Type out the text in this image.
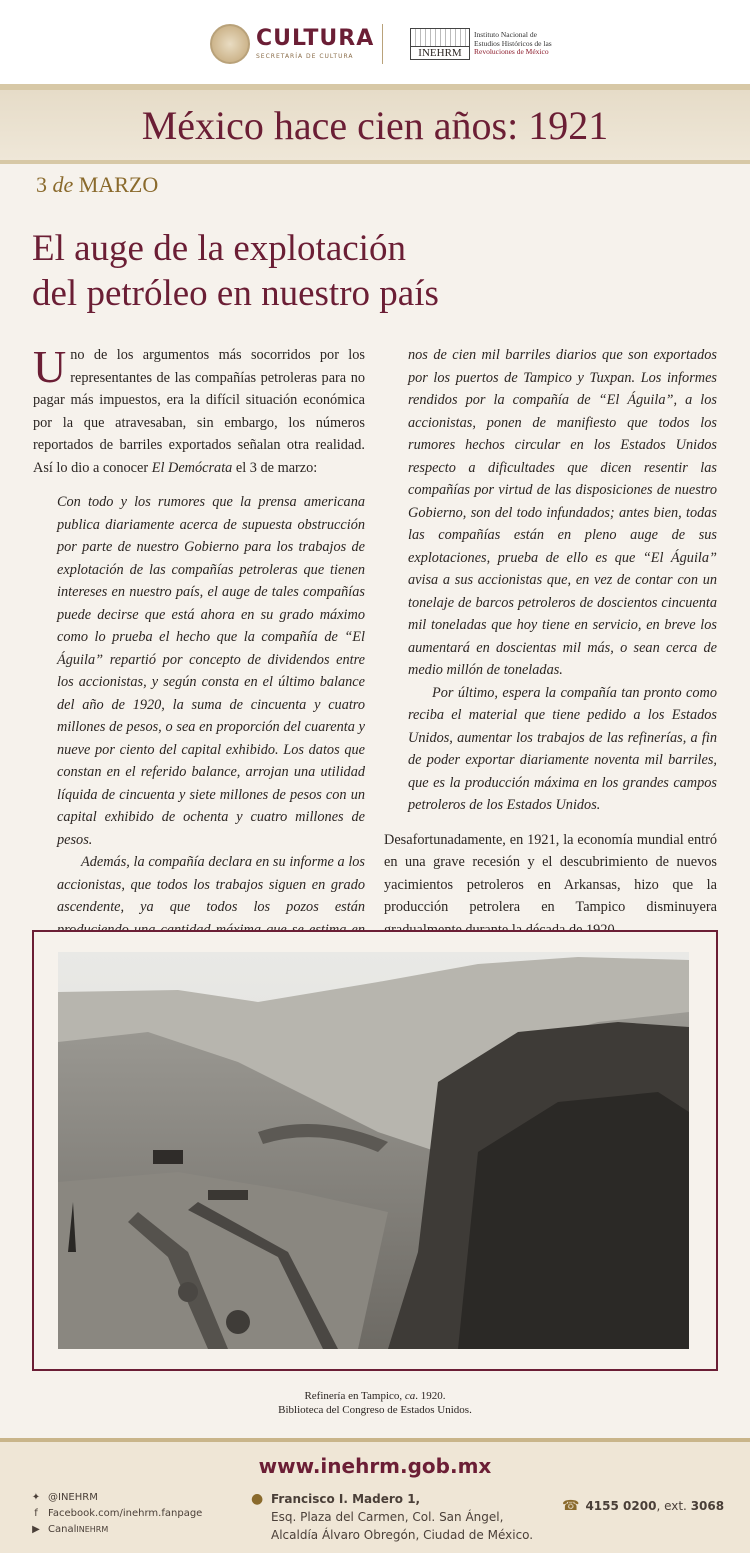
CULTURA
SECRETARÍA DE CULTURA	INEHRM
Instituto Nacional de
Estudios Históricos de las
Revoluciones de México
México hace cien años: 1921
3 de MARZO
El auge de la explotación
del petróleo en nuestro país

Uno de los argumentos más socorridos por los representantes de las compañías petroleras para no pagar más impuestos, era la difícil situación económica por la que atravesaban, sin embargo, los números reportados de barriles exportados señalan otra realidad. Así lo dio a conocer El Demócrata el 3 de marzo:

Con todo y los rumores que la prensa americana publica diariamente acerca de supuesta obstrucción por parte de nuestro Gobierno para los trabajos de explotación de las compañías petroleras que tienen intereses en nuestro país, el auge de tales compañías puede decirse que está ahora en su grado máximo como lo prueba el hecho que la compañía de “El Águila” repartió por concepto de dividendos entre los accionistas, y según consta en el último balance del año de 1920, la suma de cincuenta y cuatro millones de pesos, o sea en proporción del cuarenta y nueve por ciento del capital exhibido. Los datos que constan en el referido balance, arrojan una utilidad líquida de cincuenta y siete millones de pesos con un capital exhibido de ochenta y cuatro millones de pesos.

Además, la compañía declara en su informe a los accionistas, que todos los trabajos siguen en grado ascendente, ya que todos los pozos están

nos de cien mil barriles diarios que son exportados por los puertos de Tampico y Tuxpan. Los informes rendidos por la compañía de “El Águila”, a los accionistas, ponen de manifiesto que todos los rumores hechos circular en los Estados Unidos respecto a dificultades que dicen resentir las compañías por virtud de las disposiciones de nuestro Gobierno, son del todo infundados; antes bien, todas las compañías están en pleno auge de sus explotaciones, prueba de ello es que “El Águila” avisa a sus accionistas que, en vez de contar con un tonelaje de barcos petroleros de doscientos cincuenta mil toneladas que hoy tiene en servicio, en breve los aumentará en doscientas mil más, o sean cerca de medio millón de toneladas.

Por último, espera la compañía tan pronto como reciba el material que tiene pedido a los Estados Unidos, aumentar los trabajos de las refinerías, a fin de poder exportar diariamente noventa mil barriles, que es la producción máxima en los grandes campos petroleros de los Estados Unidos.

Desafortunadamente, en 1921, la economía mundial entró en una grave recesión y el descubrimiento de nuevos yacimientos petroleros en Arkansas, hizo que la producción petrolera en Tampico disminuyera

Refinería en Tampico, ca. 1920.
Biblioteca del Congreso de Estados Unidos.
www.inehrm.gob.mx
✦ @INEHRM
f	Facebook.com/inehrm.fanpage
▶ Canal INEHRM
● Francisco I. Madero 1,
Esq. Plaza del Carmen, Col. San Ángel,
Alcaldía Álvaro Obregón, Ciudad de México.
☎ 4155 0200, ext. 3068
